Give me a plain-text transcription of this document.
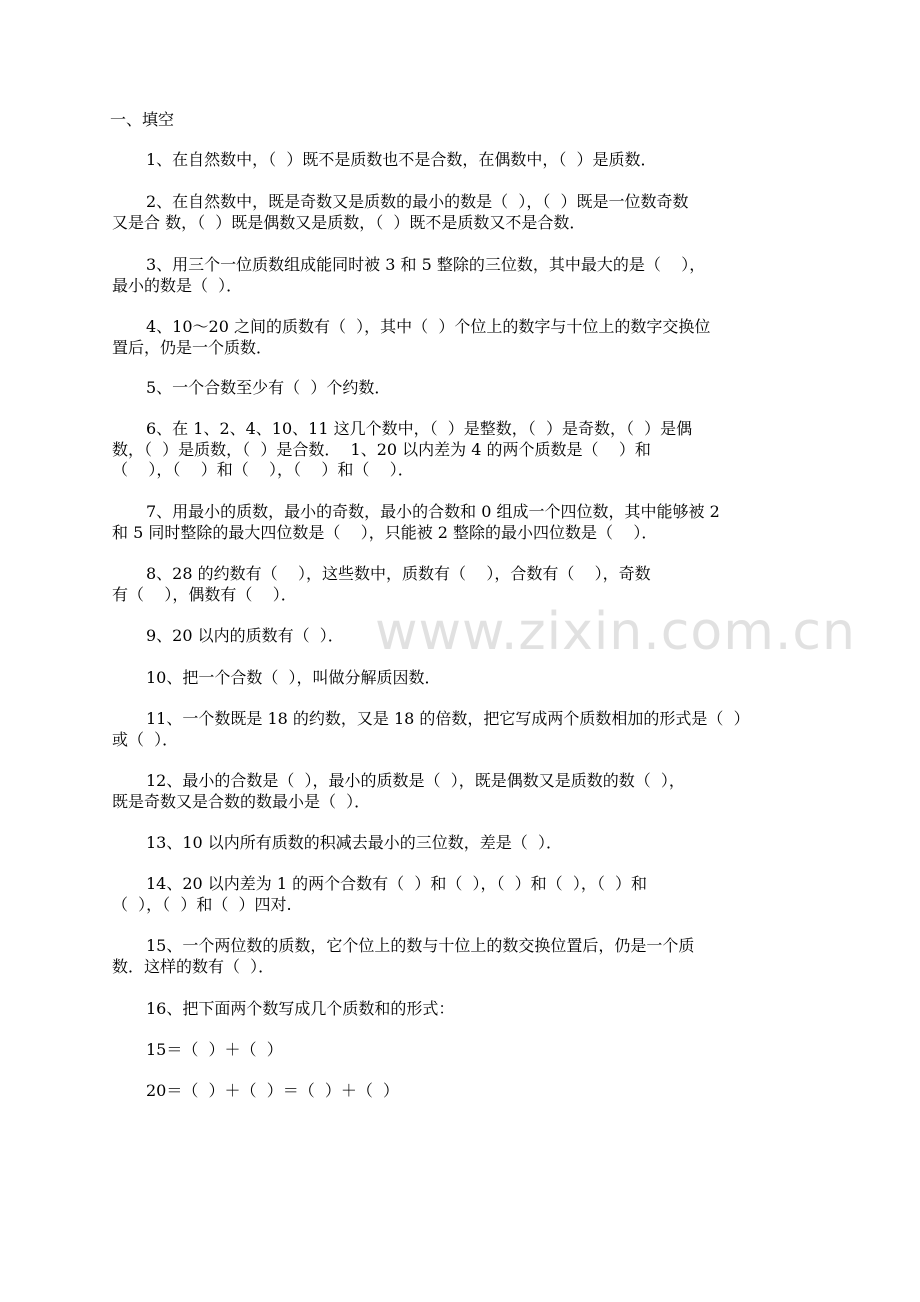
一、填空
1、在自然数中，（  ）既不是质数也不是合数，在偶数中，（  ）是质数．
2、在自然数中，既是奇数又是质数的最小的数是（  ），（  ）既是一位数奇数
又是合 数，（  ）既是偶数又是质数，（  ）既不是质数又不是合数．
3、用三个一位质数组成能同时被 3 和 5 整除的三位数，其中最大的是（    ），
最小的数是（  ）．
4、10～20 之间的质数有（  ），其中（  ）个位上的数字与十位上的数字交换位
置后，仍是一个质数．
5、一个合数至少有（  ）个约数．
6、在 1、2、4、10、11 这几个数中，（  ）是整数，（  ）是奇数，（  ）是偶
数，（  ）是质数，（  ）是合数．  1、20 以内差为 4 的两个质数是（    ）和
（    ），（    ）和（    ），（    ）和（    ）．
7、用最小的质数，最小的奇数，最小的合数和 0 组成一个四位数，其中能够被 2
和 5 同时整除的最大四位数是（    ），只能被 2 整除的最小四位数是（    ）．
8、28 的约数有（    ），这些数中，质数有（    ），合数有（    ），奇数
有（    ），偶数有（    ）．
9、20 以内的质数有（  ）．
10、把一个合数（  ），叫做分解质因数．
11、一个数既是 18 的约数，又是 18 的倍数，把它写成两个质数相加的形式是（  ）
或（  ）．
12、最小的合数是（  ），最小的质数是（  ），既是偶数又是质数的数（  ），
既是奇数又是合数的数最小是（  ）．
13、10 以内所有质数的积减去最小的三位数，差是（  ）．
14、20 以内差为 1 的两个合数有（  ）和（  ），（  ）和（  ），（  ）和
（  ），（  ）和（  ）四对.
15、一个两位数的质数，它个位上的数与十位上的数交换位置后，仍是一个质
数．这样的数有（  ）．
16、把下面两个数写成几个质数和的形式：
15＝（  ）＋（  ）
20＝（  ）＋（  ）＝（  ）＋（  ）
www.zixin.com.cn
